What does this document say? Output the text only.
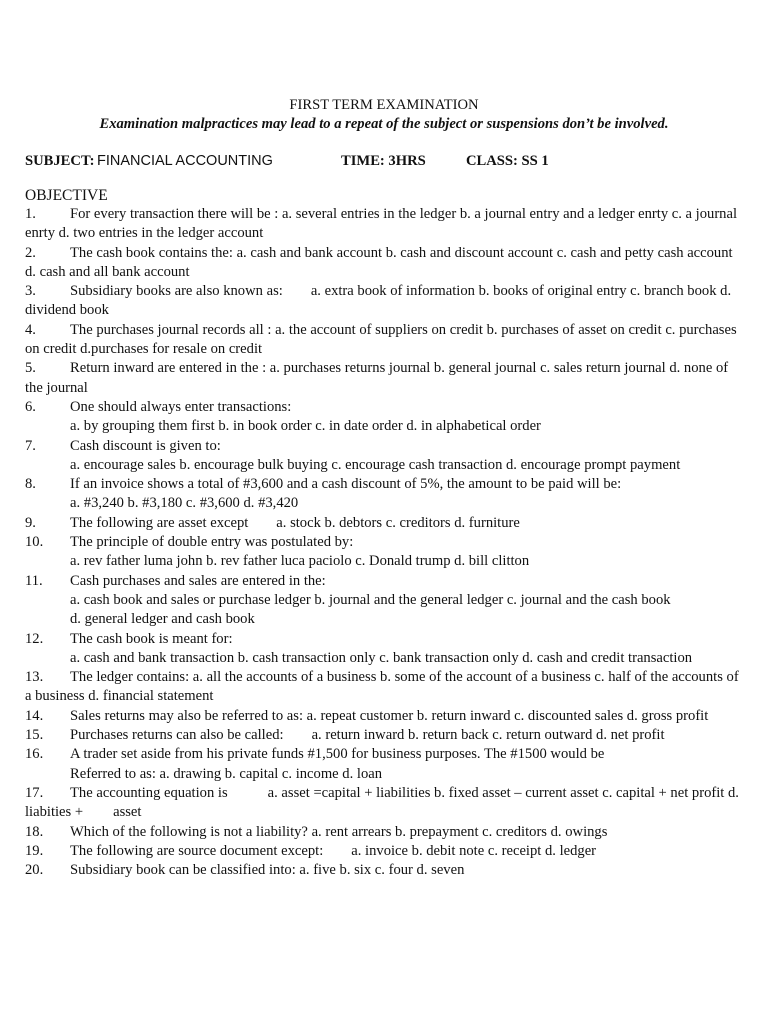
FIRST TERM EXAMINATION
Examination malpractices may lead to a repeat of the subject or suspensions don’t be involved.
SUBJECT: FINANCIAL ACCOUNTING	TIME: 3HRS	CLASS: SS 1
OBJECTIVE
1. For every transaction there will be : a. several entries in the ledger b. a journal entry and a ledger enrty c. a journal enrty d. two entries in the ledger account
2. The cash book contains the: a. cash and bank account b. cash and discount account c. cash and petty cash account d. cash and all bank account
3. Subsidiary books are also known as: a. extra book of information b. books of original entry c. branch book d. dividend book
4. The purchases journal records all : a. the account of suppliers on credit b. purchases of asset on credit c. purchases on credit d.purchases for resale on credit
5. Return inward are entered in the : a. purchases returns journal b. general journal c. sales return journal d. none of the journal
6.	One should always enter transactions:
a. by grouping them first b. in book order c. in date order d. in alphabetical order
7.	Cash discount is given to:
a. encourage sales b. encourage bulk buying c. encourage cash transaction d. encourage prompt payment
8.	If an invoice shows a total of #3,600 and a cash discount of 5%, the amount to be paid will be:
a. #3,240 b. #3,180 c. #3,600 d. #3,420
9. The following are asset except a. stock b. debtors c. creditors d. furniture
10.	The principle of double entry was postulated by:
a. rev father luma john b. rev father luca paciolo c. Donald trump d. bill clitton
11.	Cash purchases and sales are entered in the:
a. cash book and sales or purchase ledger b. journal and the general ledger c. journal and the cash book d. general ledger and cash book
12.	The cash book is meant for:
a. cash and bank transaction b. cash transaction only c. bank transaction only d. cash and credit transaction
13. The ledger contains: a. all the accounts of a business b. some of the account of a business c. half of the accounts of a business d. financial statement
14. Sales returns may also be referred to as: a. repeat customer b. return inward c. discounted sales d. gross profit
15. Purchases returns can also be called: a. return inward b. return back c. return outward d. net profit
16.	A trader set aside from his private funds #1,500 for business purposes. The #1500 would be
Referred to as: a. drawing b. capital c. income d. loan
17. The accounting equation is	a. asset =capital + liabilities b. fixed asset – current asset c. capital + net profit d. liabities + asset
18. Which of the following is not a liability? a. rent arrears b. prepayment c. creditors d. owings
19. The following are source document except: a. invoice b. debit note c. receipt d. ledger
20. Subsidiary book can be classified into: a. five b. six c. four d. seven
